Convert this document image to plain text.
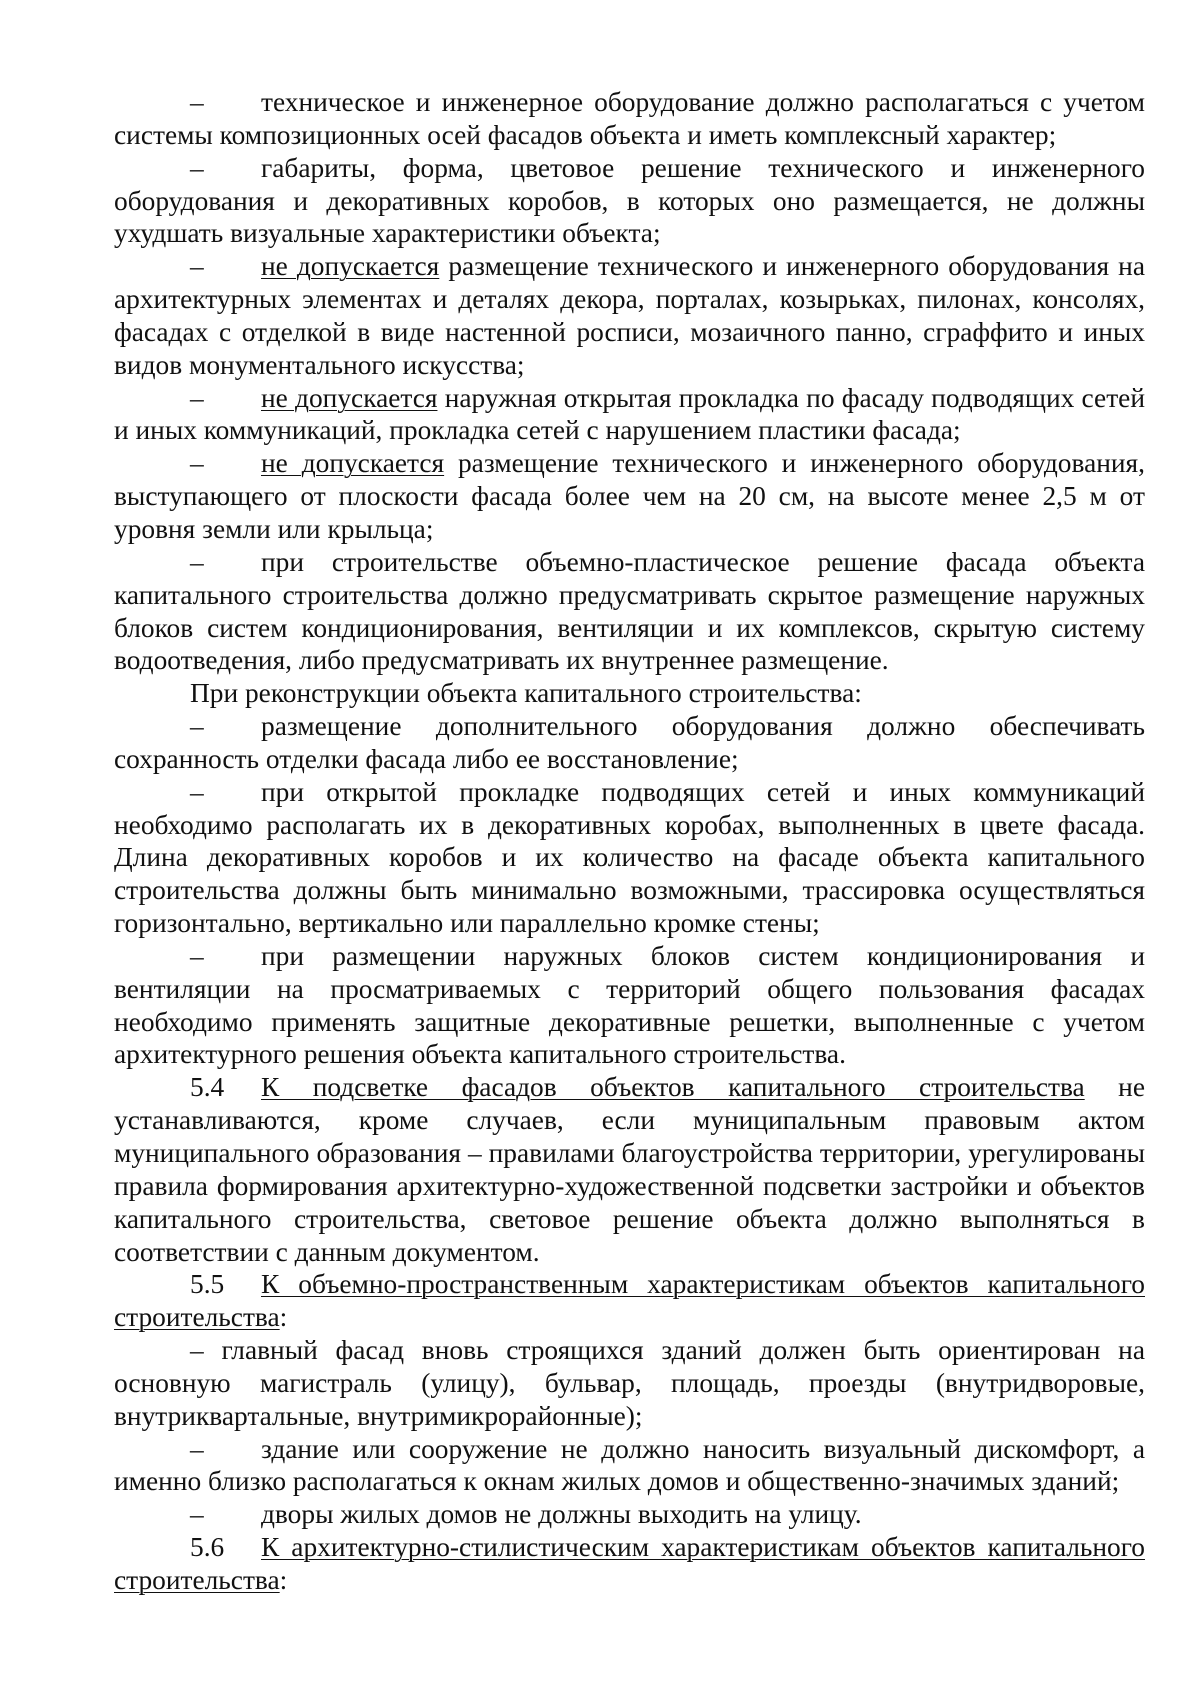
– техническое и инженерное оборудование должно располагаться с учетом системы композиционных осей фасадов объекта и иметь комплексный характер;

– габариты, форма, цветовое решение технического и инженерного оборудования и декоративных коробов, в которых оно размещается, не должны ухудшать визуальные характеристики объекта;

– не допускается размещение технического и инженерного оборудования на архитектурных элементах и деталях декора, порталах, козырьках, пилонах, консолях, фасадах с отделкой в виде настенной росписи, мозаичного панно, сграффито и иных видов монументального искусства;

– не допускается наружная открытая прокладка по фасаду подводящих сетей и иных коммуникаций, прокладка сетей с нарушением пластики фасада;

– не допускается размещение технического и инженерного оборудования, выступающего от плоскости фасада более чем на 20 см, на высоте менее 2,5 м от уровня земли или крыльца;

– при строительстве объемно-пластическое решение фасада объекта капитального строительства должно предусматривать скрытое размещение наружных блоков систем кондиционирования, вентиляции и их комплексов, скрытую систему водоотведения, либо предусматривать их внутреннее размещение.

При реконструкции объекта капитального строительства:

– размещение дополнительного оборудования должно обеспечивать сохранность отделки фасада либо ее восстановление;

– при открытой прокладке подводящих сетей и иных коммуникаций необходимо располагать их в декоративных коробах, выполненных в цвете фасада. Длина декоративных коробов и их количество на фасаде объекта капитального строительства должны быть минимально возможными, трассировка осуществляться горизонтально, вертикально или параллельно кромке стены;

– при размещении наружных блоков систем кондиционирования и вентиляции на просматриваемых с территорий общего пользования фасадах необходимо применять защитные декоративные решетки, выполненные с учетом архитектурного решения объекта капитального строительства.

5.4 К подсветке фасадов объектов капитального строительства не устанавливаются, кроме случаев, если муниципальным правовым актом муниципального образования – правилами благоустройства территории, урегулированы правила формирования архитектурно-художественной подсветки застройки и объектов капитального строительства, световое решение объекта должно выполняться в соответствии с данным документом.

5.5 К объемно-пространственным характеристикам объектов капитального строительства:

– главный фасад вновь строящихся зданий должен быть ориентирован на основную магистраль (улицу), бульвар, площадь, проезды (внутридворовые, внутриквартальные, внутримикрорайонные);

– здание или сооружение не должно наносить визуальный дискомфорт, а именно близко располагаться к окнам жилых домов и общественно-значимых зданий;

– дворы жилых домов не должны выходить на улицу.

5.6 К архитектурно-стилистическим характеристикам объектов капитального строительства:
